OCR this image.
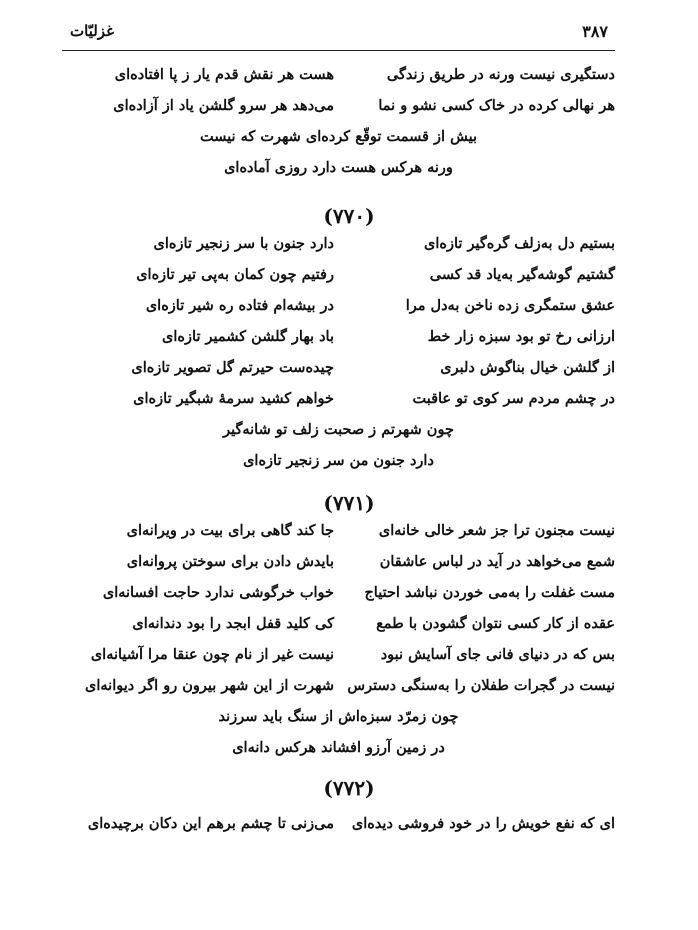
۳۸۷
غزلیّات
دستگیری نیست ورنه در طریق زندگی
هست هر نقش قدم یار ز پا افتاده‌ای
هر نهالی کرده در خاک کسی نشو و نما
می‌دهد هر سرو گلشن یاد از آزاده‌ای
بیش از قسمت توقّع کرده‌ای شهرت که نیست
ورنه هرکس هست دارد روزی آماده‌ای
(۷۷۰)
بستیم دل به‌زلف گره‌گیر تازه‌ای
دارد جنون با سر زنجیر تازه‌ای
گشتیم گوشه‌گیر به‌یاد قد کسی
رفتیم چون کمان به‌پی تیر تازه‌ای
عشق ستمگری زده ناخن به‌دل مرا
در بیشه‌ام فتاده ره شیر تازه‌ای
ارزانی رخ تو بود سبزه زار خط
باد بهار گلشن کشمیر تازه‌ای
از گلشن خیال بناگوش دلبری
چیده‌ست حیرتم گل تصویر تازه‌ای
در چشم مردم سر کوی تو عاقبت
خواهم کشید سرمهٔ شبگیر تازه‌ای
چون شهرتم ز صحبت زلف تو شانه‌گیر
دارد جنون من سر زنجیر تازه‌ای
(۷۷۱)
نیست مجنون ترا جز شعر خالی خانه‌ای
جا کند گاهی برای بیت در ویرانه‌ای
شمع می‌خواهد در آید در لباس عاشقان
بایدش دادن برای سوختن پروانه‌ای
مست غفلت را به‌می خوردن نباشد احتیاج
خواب خرگوشی ندارد حاجت افسانه‌ای
عقده از کار کسی نتوان گشودن با طمع
کی کلید قفل ابجد را بود دندانه‌ای
بس که در دنیای فانی جای آسایش نبود
نیست غیر از نام چون عنقا مرا آشیانه‌ای
نیست در گجرات طفلان را به‌سنگی دسترس
شهرت از این شهر بیرون رو اگر دیوانه‌ای
چون زمرّد سبزه‌اش از سنگ باید سرزند
در زمین آرزو افشاند هرکس دانه‌ای
(۷۷۲)
ای که نفع خویش را در خود فروشی دیده‌ای
می‌زنی تا چشم برهم این دکان برچیده‌ای
